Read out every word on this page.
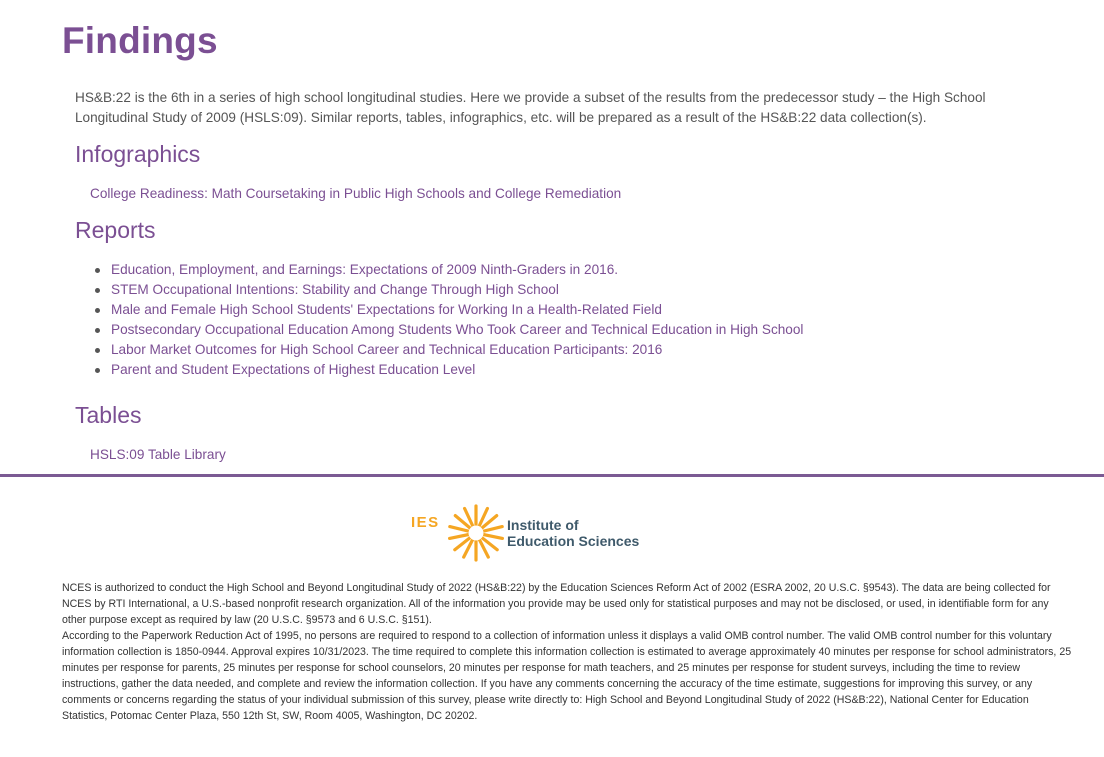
Findings

HS&B:22 is the 6th in a series of high school longitudinal studies. Here we provide a subset of the results from the predecessor study – the High School Longitudinal Study of 2009 (HSLS:09). Similar reports, tables, infographics, etc. will be prepared as a result of the HS&B:22 data collection(s).

Infographics
College Readiness: Math Coursetaking in Public High Schools and College Remediation
Reports
Education, Employment, and Earnings: Expectations of 2009 Ninth-Graders in 2016.
STEM Occupational Intentions: Stability and Change Through High School
Male and Female High School Students' Expectations for Working In a Health-Related Field
Postsecondary Occupational Education Among Students Who Took Career and Technical Education in High School
Labor Market Outcomes for High School Career and Technical Education Participants: 2016
Parent and Student Expectations of Highest Education Level
Tables
HSLS:09 Table Library
IES	Institute of
Education Sciences

NCES is authorized to conduct the High School and Beyond Longitudinal Study of 2022 (HS&B:22) by the Education Sciences Reform Act of 2002 (ESRA 2002, 20 U.S.C. §9543). The data are being collected for NCES by RTI International, a U.S.-based nonprofit research organization. All of the information you provide may be used only for statistical purposes and may not be disclosed, or used, in identifiable form for any other purpose except as required by law (20 U.S.C. §9573 and 6 U.S.C. §151).

According to the Paperwork Reduction Act of 1995, no persons are required to respond to a collection of information unless it displays a valid OMB control number. The valid OMB control number for this voluntary information collection is 1850-0944. Approval expires 10/31/2023. The time required to complete this information collection is estimated to average approximately 40 minutes per response for school administrators, 25 minutes per response for parents, 25 minutes per response for school counselors, 20 minutes per response for math teachers, and 25 minutes per response for student surveys, including the time to review instructions, gather the data needed, and complete and review the information collection. If you have any comments concerning the accuracy of the time estimate, suggestions for improving this survey, or any comments or concerns regarding the status of your individual submission of this survey, please write directly to: High School and Beyond Longitudinal Study of 2022 (HS&B:22), National Center for Education Statistics, Potomac Center Plaza, 550 12th St, SW, Room 4005, Washington, DC 20202.
